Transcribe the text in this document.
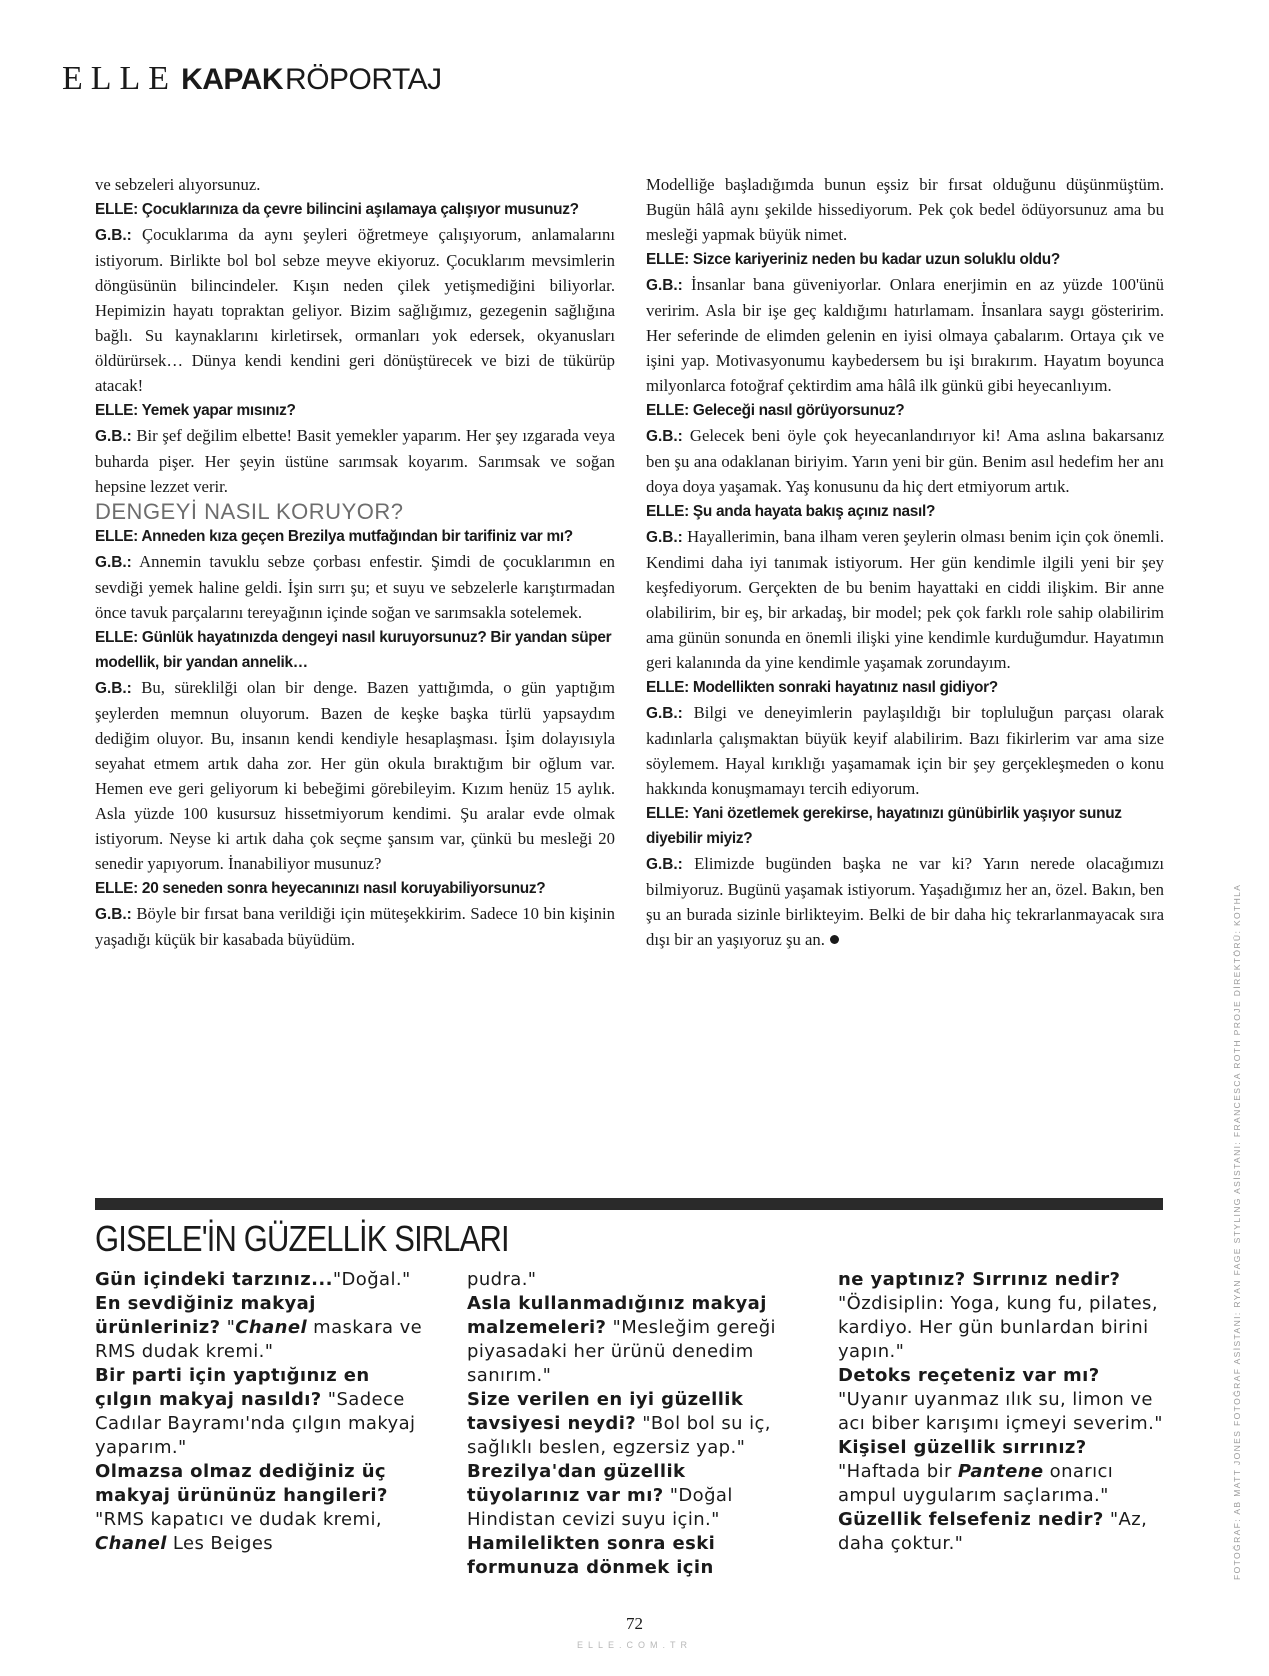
ELLE KAPAK RÖPORTAJ

ve sebzeleri alıyorsunuz.

ELLE: Çocuklarınıza da çevre bilincini aşılamaya çalışıyor musunuz?

G.B.: Çocuklarıma da aynı şeyleri öğretmeye çalışıyorum, anlamalarını istiyorum. Birlikte bol bol sebze meyve ekiyoruz. Çocuklarım mevsimlerin döngüsünün bilincindeler. Kışın neden çilek yetişmediğini biliyorlar. Hepimizin hayatı topraktan geliyor. Bizim sağlığımız, gezegenin sağlığına bağlı. Su kaynaklarını kirletirsek, ormanları yok edersek, okyanusları öldürürsek… Dünya kendi kendini geri dönüştürecek ve bizi de tükürüp atacak!

ELLE: Yemek yapar mısınız?

G.B.: Bir şef değilim elbette! Basit yemekler yaparım. Her şey ızgarada veya buharda pişer. Her şeyin üstüne sarımsak koyarım. Sarımsak ve soğan hepsine lezzet verir.

DENGEYİ NASIL KORUYOR?

ELLE: Anneden kıza geçen Brezilya mutfağından bir tarifiniz var mı?

G.B.: Annemin tavuklu sebze çorbası enfestir. Şimdi de çocuklarımın en sevdiği yemek haline geldi. İşin sırrı şu; et suyu ve sebzelerle karıştırmadan önce tavuk parçalarını tereyağının içinde soğan ve sarımsakla sotelemek.

ELLE: Günlük hayatınızda dengeyi nasıl kuruyorsunuz? Bir yandan süper modellik, bir yandan annelik…

G.B.: Bu, süreklilği olan bir denge. Bazen yattığımda, o gün yaptığım şeylerden memnun oluyorum. Bazen de keşke başka türlü yapsaydım dediğim oluyor. Bu, insanın kendi kendiyle hesaplaşması. İşim dolayısıyla seyahat etmem artık daha zor. Her gün okula bıraktığım bir oğlum var. Hemen eve geri geliyorum ki bebeğimi görebileyim. Kızım henüz 15 aylık. Asla yüzde 100 kusursuz hissetmiyorum kendimi. Şu aralar evde olmak istiyorum. Neyse ki artık daha çok seçme şansım var, çünkü bu mesleği 20 senedir yapıyorum. İnanabiliyor musunuz?

ELLE: 20 seneden sonra heyecanınızı nasıl koruyabiliyorsunuz?

G.B.: Böyle bir fırsat bana verildiği için müteşekkirim. Sadece 10 bin kişinin yaşadığı küçük bir kasabada büyüdüm.

Modelliğe başladığımda bunun eşsiz bir fırsat olduğunu düşünmüştüm. Bugün hâlâ aynı şekilde hissediyorum. Pek çok bedel ödüyorsunuz ama bu mesleği yapmak büyük nimet.

ELLE: Sizce kariyeriniz neden bu kadar uzun soluklu oldu?

G.B.: İnsanlar bana güveniyorlar. Onlara enerjimin en az yüzde 100'ünü veririm. Asla bir işe geç kaldığımı hatırlamam. İnsanlara saygı gösteririm. Her seferinde de elimden gelenin en iyisi olmaya çabalarım. Ortaya çık ve işini yap. Motivasyonumu kaybedersem bu işi bırakırım. Hayatım boyunca milyonlarca fotoğraf çektirdim ama hâlâ ilk günkü gibi heyecanlıyım.

ELLE: Geleceği nasıl görüyorsunuz?

G.B.: Gelecek beni öyle çok heyecanlandırıyor ki! Ama aslına bakarsanız ben şu ana odaklanan biriyim. Yarın yeni bir gün. Benim asıl hedefim her anı doya doya yaşamak. Yaş konusunu da hiç dert etmiyorum artık.

ELLE: Şu anda hayata bakış açınız nasıl?

G.B.: Hayallerimin, bana ilham veren şeylerin olması benim için çok önemli. Kendimi daha iyi tanımak istiyorum. Her gün kendimle ilgili yeni bir şey keşfediyorum. Gerçekten de bu benim hayattaki en ciddi ilişkim. Bir anne olabilirim, bir eş, bir arkadaş, bir model; pek çok farklı role sahip olabilirim ama günün sonunda en önemli ilişki yine kendimle kurduğumdur. Hayatımın geri kalanında da yine kendimle yaşamak zorundayım.

ELLE: Modellikten sonraki hayatınız nasıl gidiyor?

G.B.: Bilgi ve deneyimlerin paylaşıldığı bir topluluğun parçası olarak kadınlarla çalışmaktan büyük keyif alabilirim. Bazı fikirlerim var ama size söylemem. Hayal kırıklığı yaşamamak için bir şey gerçekleşmeden o konu hakkında konuşmamayı tercih ediyorum.

ELLE: Yani özetlemek gerekirse, hayatınızı günübirlik yaşıyor sunuz diyebilir miyiz?

G.B.: Elimizde bugünden başka ne var ki? Yarın nerede olacağımızı bilmiyoruz. Bugünü yaşamak istiyorum. Yaşadığımız her an, özel. Bakın, ben şu an burada sizinle birlikteyim. Belki de bir daha hiç tekrarlanmayacak sıra dışı bir an yaşıyoruz şu an.

GISELE'İN GÜZELLİK SIRLARI
Gün içindeki tarzınız..."Doğal."
En sevdiğiniz makyaj ürünleriniz? "Chanel maskara ve RMS dudak kremi."
Bir parti için yaptığınız en çılgın makyaj nasıldı? "Sadece Cadılar Bayramı'nda çılgın makyaj yaparım."
Olmazsa olmaz dediğiniz üç makyaj ürününüz hangileri? "RMS kapatıcı ve dudak kremi, Chanel Les Beiges
pudra."
Asla kullanmadığınız makyaj malzemeleri? "Mesleğim gereği piyasadaki her ürünü denedim sanırım."
Size verilen en iyi güzellik tavsiyesi neydi? "Bol bol su iç, sağlıklı beslen, egzersiz yap."
Brezilya'dan güzellik tüyolarınız var mı? "Doğal Hindistan cevizi suyu için."
Hamilelikten sonra eski formunuza dönmek için
ne yaptınız? Sırrınız nedir? "Özdisiplin: Yoga, kung fu, pilates, kardiyo. Her gün bunlardan birini yapın."
Detoks reçeteniz var mı? "Uyanır uyanmaz ılık su, limon ve acı biber karışımı içmeyi severim."
Kişisel güzellik sırrınız? "Haftada bir Pantene onarıcı ampul uygularım saçlarıma."
Güzellik felsefeniz nedir? "Az, daha çoktur."
72
ELLE.COM.TR
FOTOĞRAF: AB MATT JONES FOTOĞRAF ASİSTANI: RYAN FAGE STYLING ASİSTANI: FRANCESCA ROTH PROJE DİREKTÖRÜ: KOTHLA
